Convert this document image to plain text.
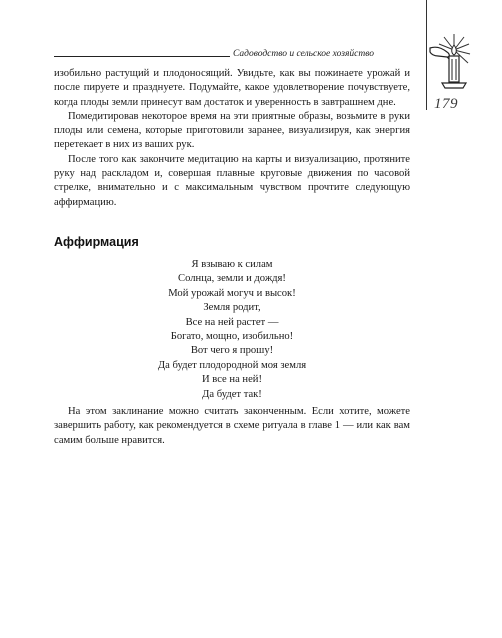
Садоводство и сельское хозяйство
179

изобильно растущий и плодоносящий. Увидьте, как вы пожинаете урожай и после пируете и празднуете. Подумайте, какое удовлетворение почувствуете, когда плоды земли принесут вам достаток и уверенность в завтрашнем дне.

Помедитировав некоторое время на эти приятные образы, возьмите в руки плоды или семена, которые приготовили заранее, визуализируя, как энергия перетекает в них из ваших рук.

После того как закончите медитацию на карты и визуализацию, протяните руку над раскладом и, совершая плавные круговые движения по часовой стрелке, внимательно и с максимальным чувством прочтите следующую аффирмацию.

Аффирмация
Я взываю к силам
Солнца, земли и дождя!
Мой урожай могуч и высок!
Земля родит,
Все на ней растет —
Богато, мощно, изобильно!
Вот чего я прошу!
Да будет плодородной моя земля
И все на ней!
Да будет так!

На этом заклинание можно считать законченным. Если хотите, можете завершить работу, как рекомендуется в схеме ритуала в главе 1 — или как вам самим больше нравится.
